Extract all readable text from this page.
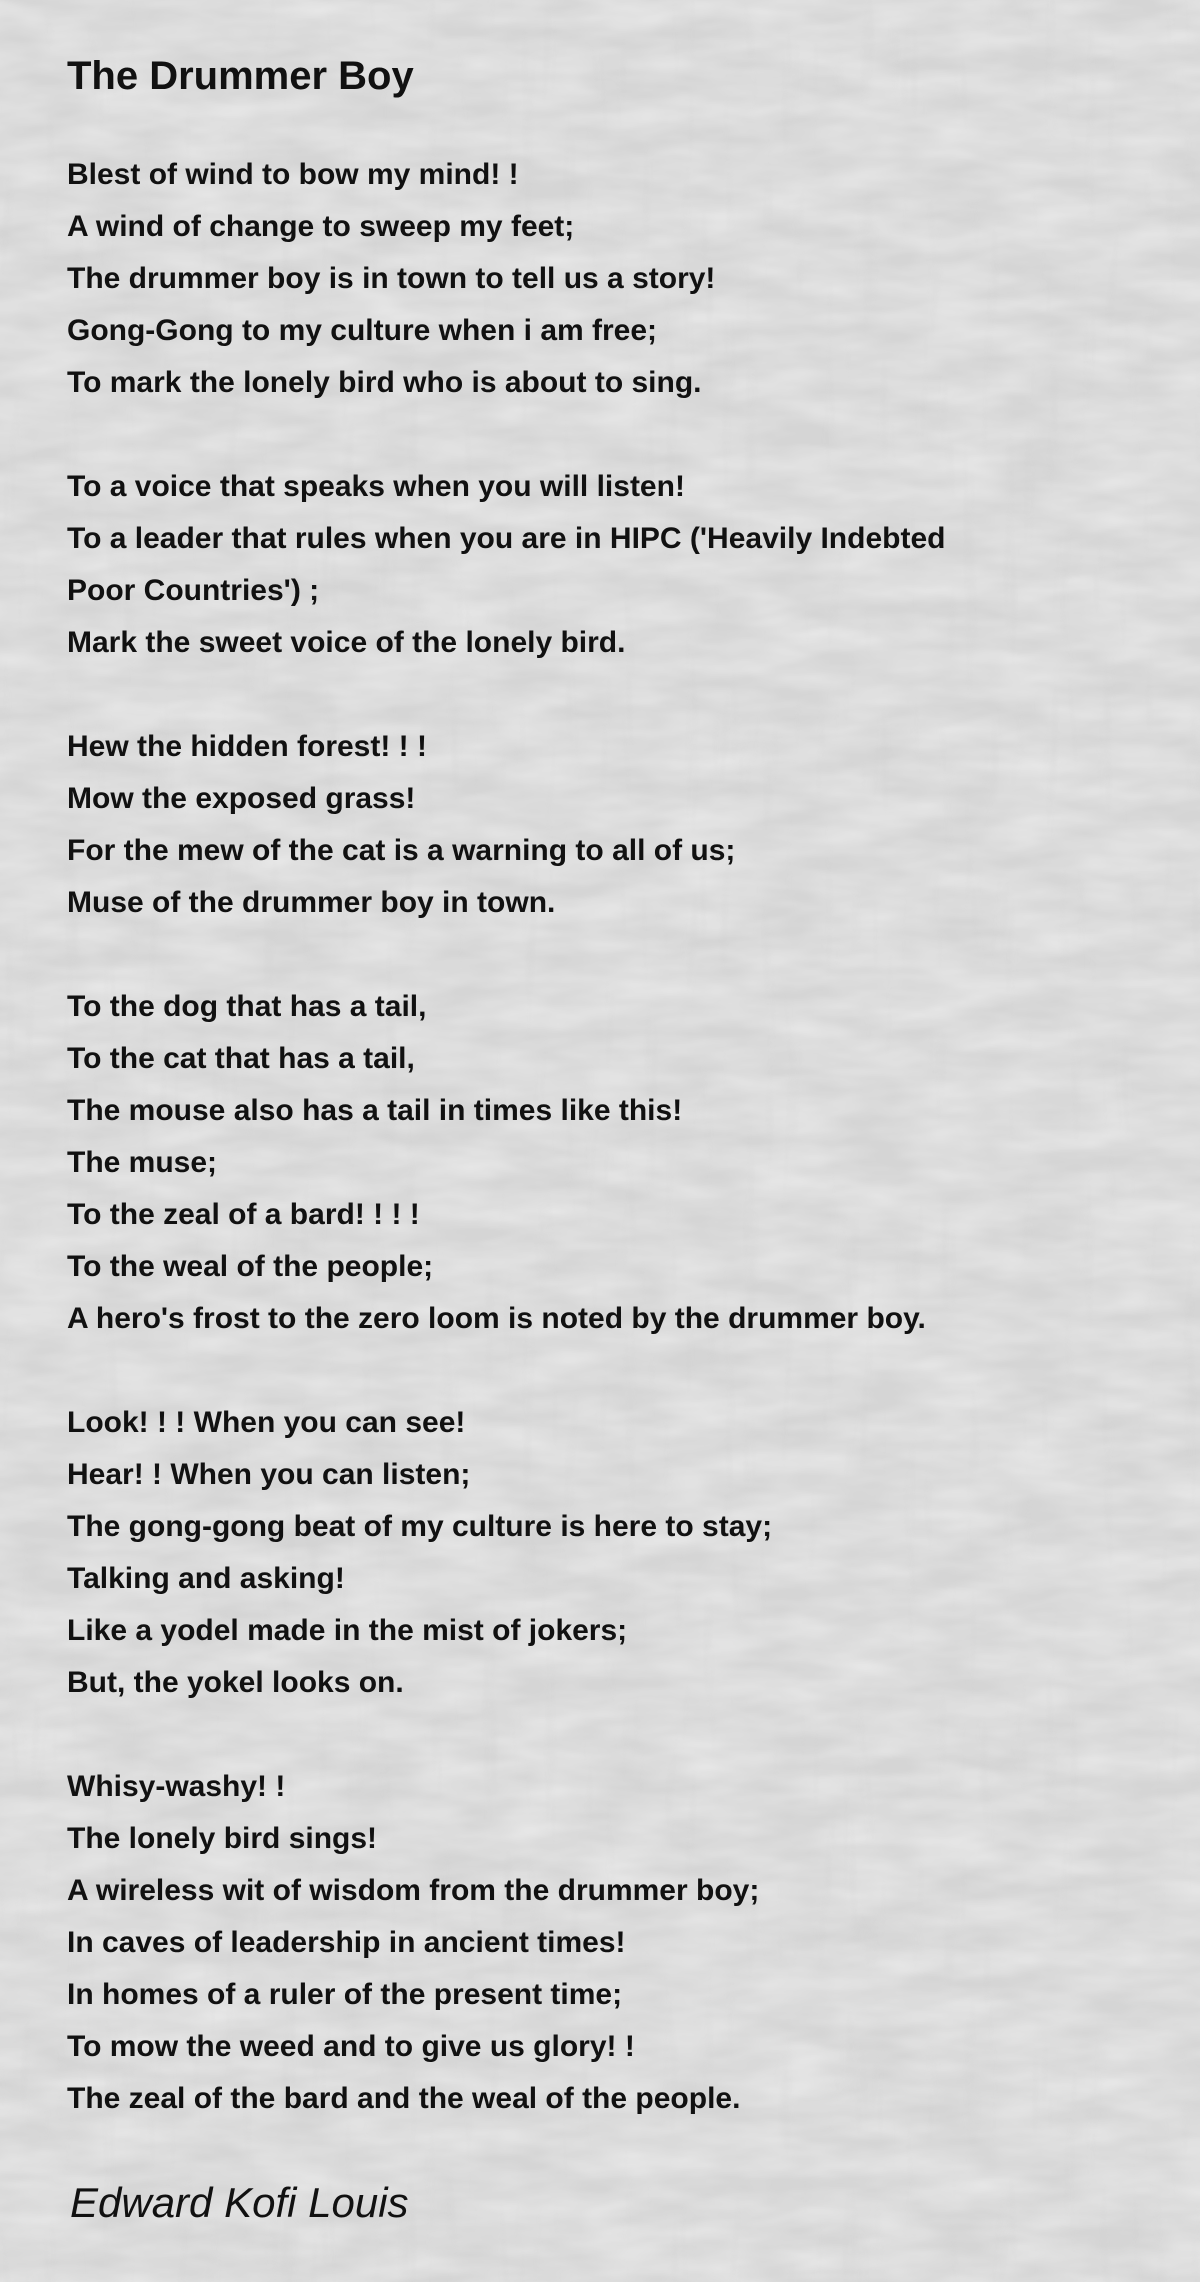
The Drummer Boy
Blest of wind to bow my mind! !
A wind of change to sweep my feet;
The drummer boy is in town to tell us a story!
Gong-Gong to my culture when i am free;
To mark the lonely bird who is about to sing.
To a voice that speaks when you will listen!
To a leader that rules when you are in HIPC ('Heavily Indebted
Poor Countries') ;
Mark the sweet voice of the lonely bird.
Hew the hidden forest! ! !
Mow the exposed grass!
For the mew of the cat is a warning to all of us;
Muse of the drummer boy in town.
To the dog that has a tail,
To the cat that has a tail,
The mouse also has a tail in times like this!
The muse;
To the zeal of a bard! ! ! !
To the weal of the people;
A hero's frost to the zero loom is noted by the drummer boy.
Look! ! ! When you can see!
Hear! ! When you can listen;
The gong-gong beat of my culture is here to stay;
Talking and asking!
Like a yodel made in the mist of jokers;
But, the yokel looks on.
Whisy-washy! !
The lonely bird sings!
A wireless wit of wisdom from the drummer boy;
In caves of leadership in ancient times!
In homes of a ruler of the present time;
To mow the weed and to give us glory! !
The zeal of the bard and the weal of the people.
Edward Kofi Louis
